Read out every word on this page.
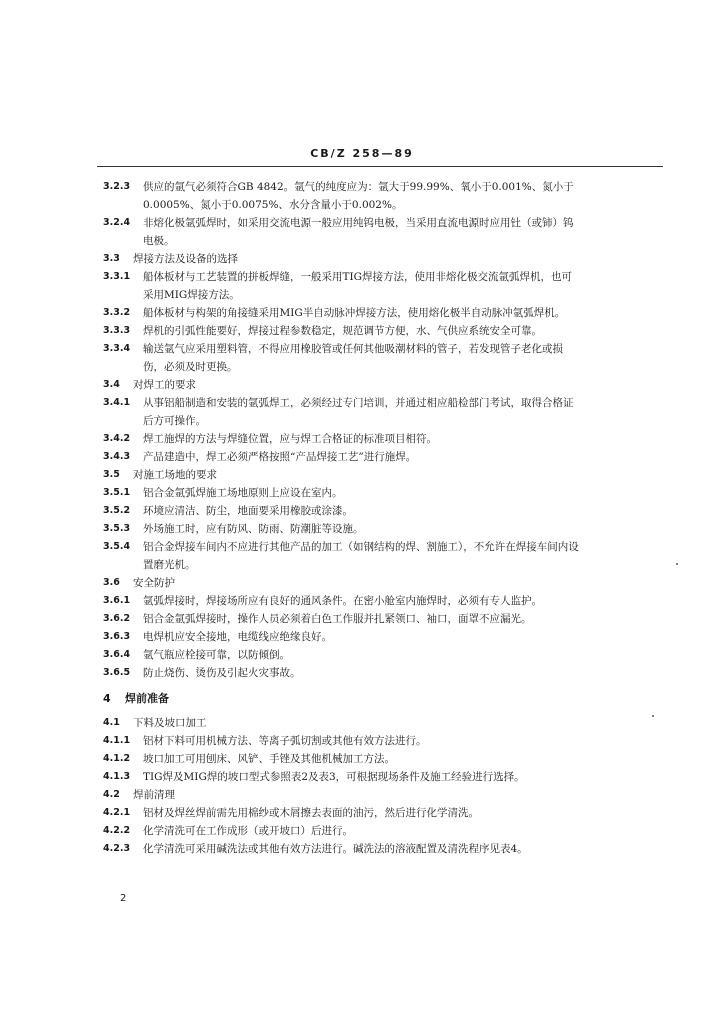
CB/Z 258—89
3.2.3	供应的氩气必须符合GB 4842。氩气的纯度应为：氩大于99.99%、氧小于0.001%、氮小于0.0005%、氮小于0.0075%、水分含量小于0.002%。
3.2.4	非熔化极氩弧焊时，如采用交流电源一般应用纯钨电极，当采用直流电源时应用钍（或铈）钨电极。
3.3	焊接方法及设备的选择
3.3.1	船体板材与工艺装置的拼板焊缝，一般采用TIG焊接方法，使用非熔化极交流氩弧焊机，也可采用MIG焊接方法。
3.3.2	船体板材与构架的角接缝采用MIG半自动脉冲焊接方法，使用熔化极半自动脉冲氩弧焊机。
3.3.3	焊机的引弧性能要好，焊接过程参数稳定，规范调节方便，水、气供应系统安全可靠。
3.3.4	输送氩气应采用塑料管，不得应用橡胶管或任何其他吸潮材料的管子，若发现管子老化或损伤，必须及时更换。
3.4	对焊工的要求
3.4.1	从事铝船制造和安装的氩弧焊工，必须经过专门培训，并通过相应船检部门考试，取得合格证后方可操作。
3.4.2	焊工施焊的方法与焊缝位置，应与焊工合格证的标准项目相符。
3.4.3	产品建造中，焊工必须严格按照“产品焊接工艺”进行施焊。
3.5	对施工场地的要求
3.5.1	铝合金氩弧焊施工场地原则上应设在室内。
3.5.2	环境应清洁、防尘，地面要采用橡胶或涂漆。
3.5.3	外场施工时，应有防风、防雨、防潮脏等设施。
3.5.4	铝合金焊接车间内不应进行其他产品的加工（如钢结构的焊、割施工），不允许在焊接车间内设置磨光机。
3.6	安全防护
3.6.1	氩弧焊接时，焊接场所应有良好的通风条件。在密小舱室内施焊时，必须有专人监护。
3.6.2	铝合金氩弧焊接时，操作人员必须着白色工作服并扎紧领口、袖口，面罩不应漏光。
3.6.3	电焊机应安全接地，电缆线应绝缘良好。
3.6.4	氩气瓶应栓接可靠，以防倾倒。
3.6.5	防止烧伤、烫伤及引起火灾事故。
4	焊前准备
4.1	下料及坡口加工
4.1.1	铝材下料可用机械方法、等离子弧切割或其他有效方法进行。
4.1.2	坡口加工可用刨床、风铲、手锉及其他机械加工方法。
4.1.3	TIG焊及MIG焊的坡口型式参照表2及表3，可根据现场条件及施工经验进行选择。
4.2	焊前清理
4.2.1	铝材及焊丝焊前需先用棉纱或木屑擦去表面的油污，然后进行化学清洗。
4.2.2	化学清洗可在工作成形（或开坡口）后进行。
4.2.3	化学清洗可采用碱洗法或其他有效方法进行。碱洗法的溶液配置及清洗程序见表4。
2
